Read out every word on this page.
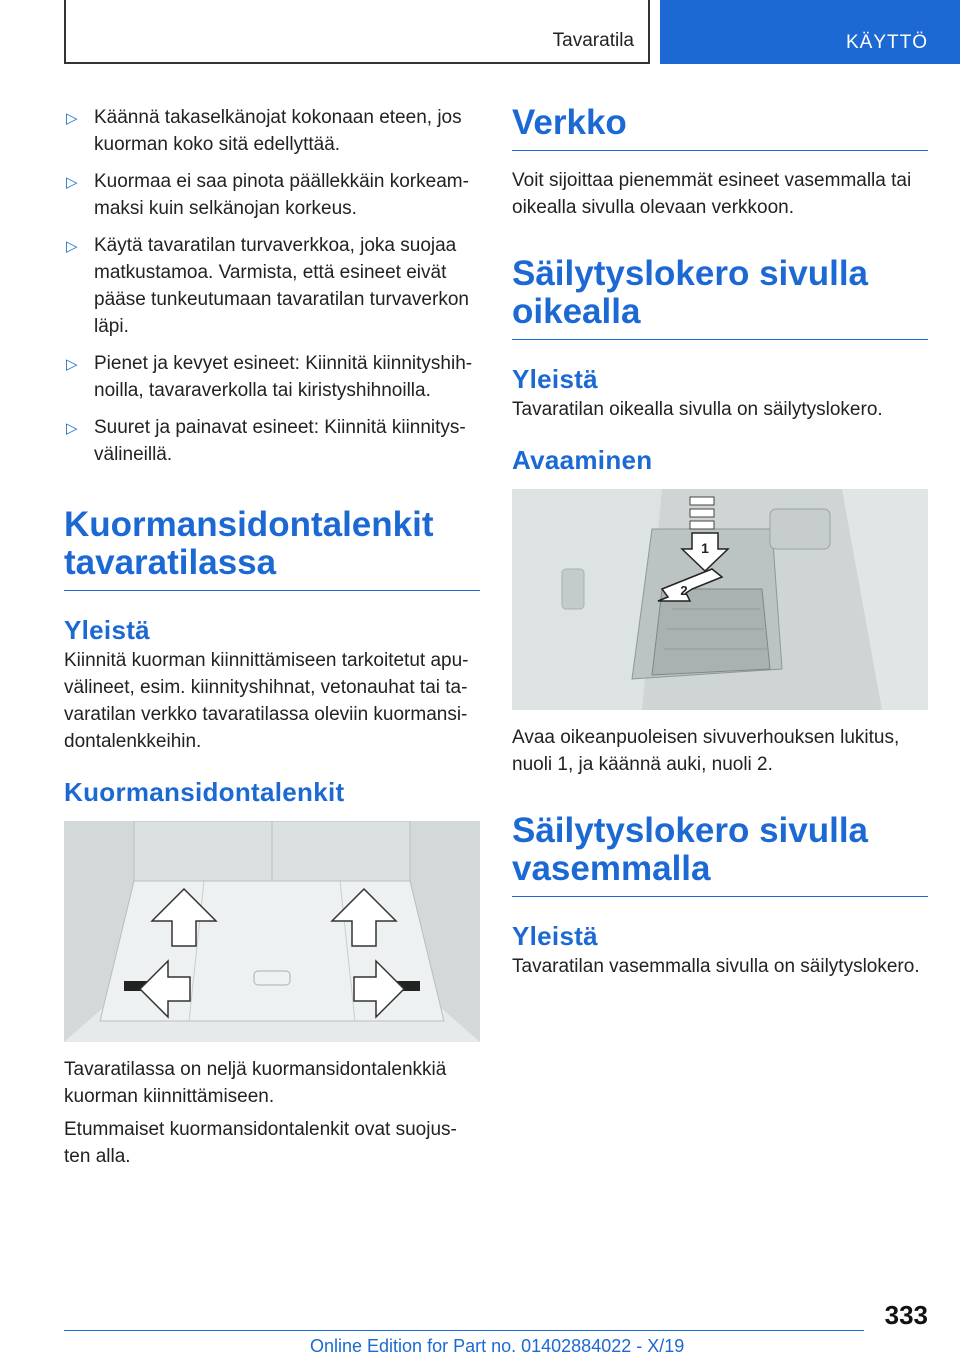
Tavaratila	KÄYTTÖ
▷ Käännä takaselkänojat kokonaan eteen, jos kuorman koko sitä edellyttää.
▷ Kuormaa ei saa pinota päällekkäin korkeam-maksi kuin selkänojan korkeus.
▷ Käytä tavaratilan turvaverkkoa, joka suojaa matkustamoa. Varmista, että esineet eivät pääse tunkeutumaan tavaratilan turvaverkon läpi.
▷ Pienet ja kevyet esineet: Kiinnitä kiinnityshih-noilla, tavaraverkolla tai kiristyshihnoilla.
▷ Suuret ja painavat esineet: Kiinnitä kiinnitys-välineillä.
Kuormansidontalenkit tavaratilassa
Yleistä

Kiinnitä kuorman kiinnittämiseen tarkoitetut apu-välineet, esim. kiinnityshihnat, vetonauhat tai ta-varatilan verkko tavaratilassa oleviin kuormansi-dontalenkkeihin.

Kuormansidontalenkit

Tavaratilassa on neljä kuormansidontalenkkiä kuorman kiinnittämiseen.

Etummaiset kuormansidontalenkit ovat suojus-ten alla.

Verkko

Voit sijoittaa pienemmät esineet vasemmalla tai oikealla sivulla olevaan verkkoon.

Säilytyslokero sivulla oikealla
Yleistä

Tavaratilan oikealla sivulla on säilytyslokero.

Avaaminen
1
2

Avaa oikeanpuoleisen sivuverhouksen lukitus, nuoli 1, ja käännä auki, nuoli 2.

Säilytyslokero sivulla vasemmalla
Yleistä

Tavaratilan vasemmalla sivulla on säilytyslokero.

333
Online Edition for Part no. 01402884022 - X/19
